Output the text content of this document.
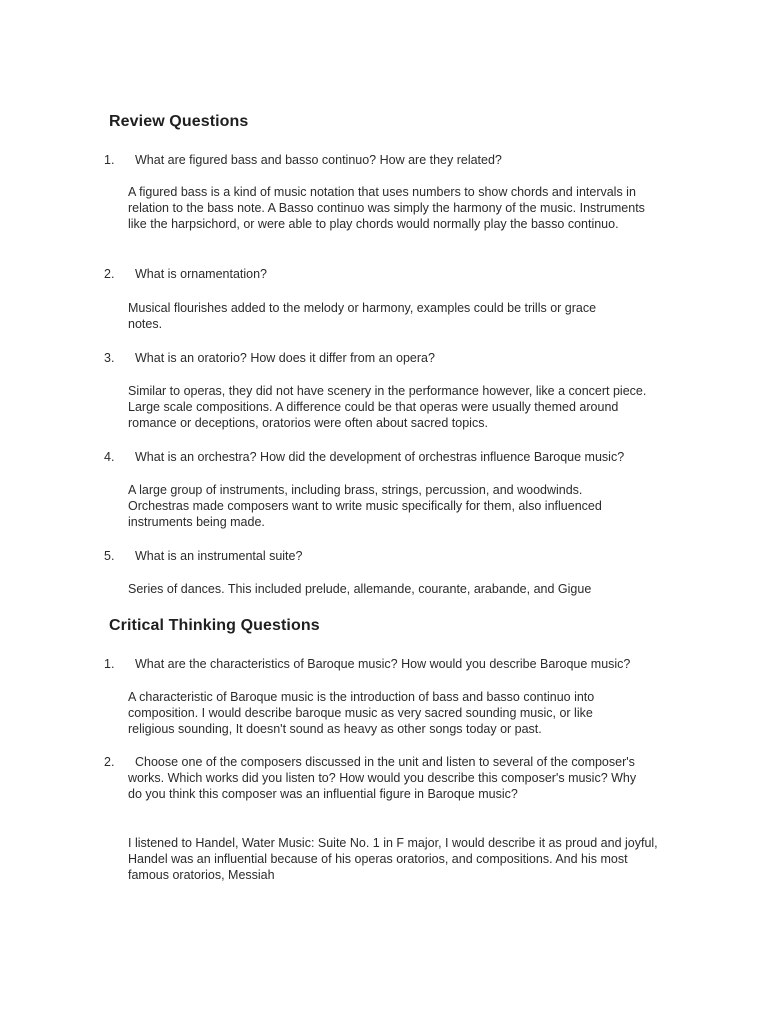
Review Questions
1.	What are figured bass and basso continuo? How are they related?
A figured bass is a kind of music notation that uses numbers to show chords and intervals in relation to the bass note. A Basso continuo was simply the harmony of the music. Instruments like the harpsichord, or were able to play chords would normally play the basso continuo.
2.	What is ornamentation?
Musical flourishes added to the melody or harmony, examples could be trills or grace notes.
3.	What is an oratorio? How does it differ from an opera?
Similar to operas, they did not have scenery in the performance however, like a concert piece. Large scale compositions. A difference could be that operas were usually themed around romance or deceptions, oratorios were often about sacred topics.
4.	What is an orchestra? How did the development of orchestras influence Baroque music?
A large group of instruments, including brass, strings, percussion, and woodwinds. Orchestras made composers want to write music specifically for them, also influenced instruments being made.
5.	What is an instrumental suite?
Series of dances. This included prelude, allemande, courante, arabande, and Gigue
Critical Thinking Questions
1.	What are the characteristics of Baroque music? How would you describe Baroque music?
A characteristic of Baroque music is the introduction of bass and basso continuo into composition. I would describe baroque music as very sacred sounding music, or like religious sounding, It doesn't sound as heavy as other songs today or past.
2.	Choose one of the composers discussed in the unit and listen to several of the composer's works. Which works did you listen to? How would you describe this composer's music? Why do you think this composer was an influential figure in Baroque music?
I listened to Handel, Water Music: Suite No. 1 in F major, I would describe it as proud and joyful, Handel was an influential because of his operas oratorios, and compositions. And his most famous oratorios, Messiah
